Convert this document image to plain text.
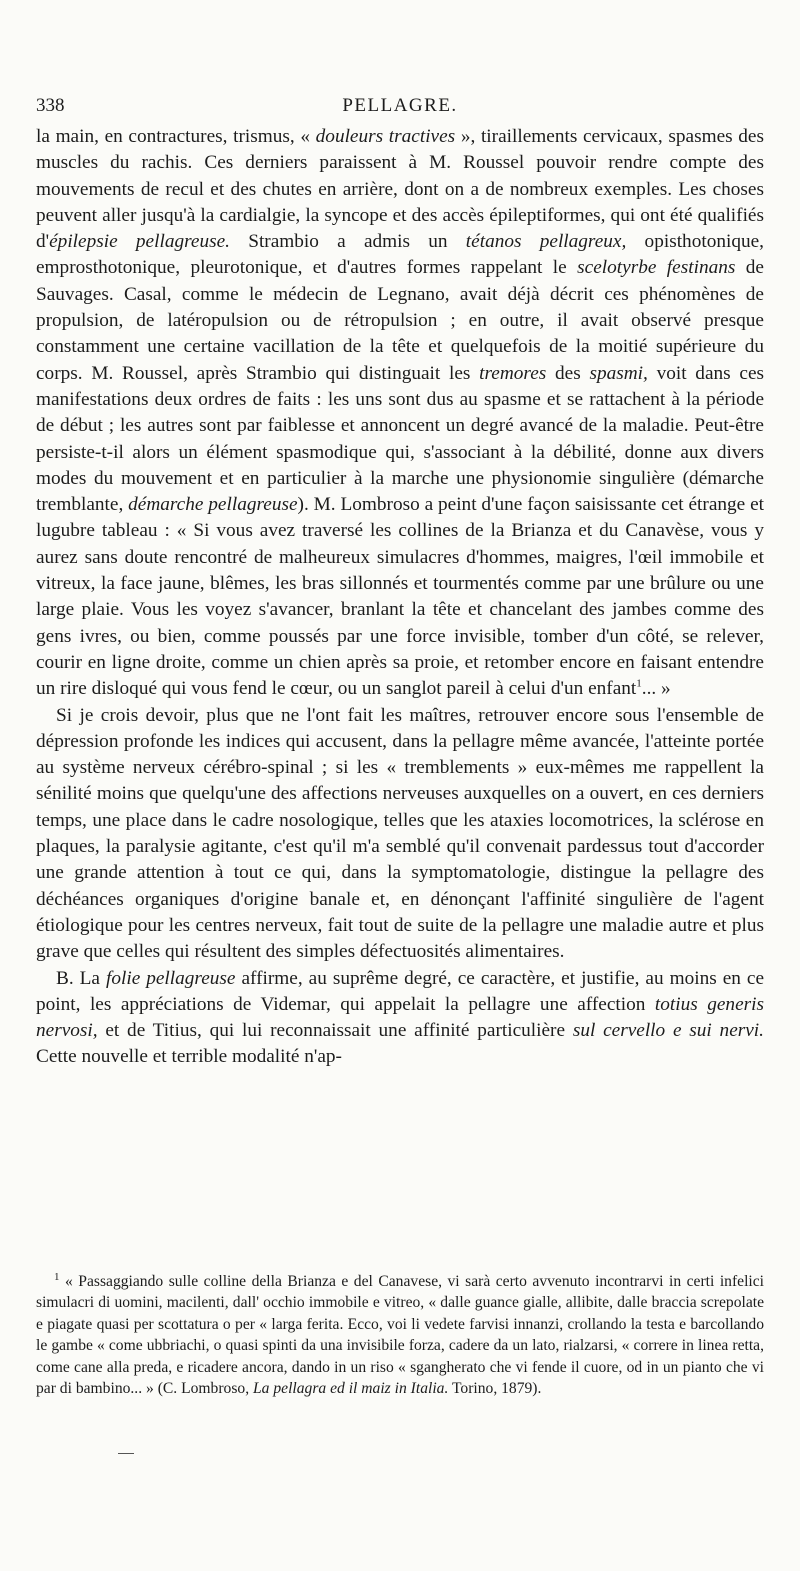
338	PELLAGRE.

la main, en contractures, trismus, « douleurs tractives », tiraillements cervicaux, spasmes des muscles du rachis. Ces derniers paraissent à M. Roussel pouvoir rendre compte des mouvements de recul et des chutes en arrière, dont on a de nombreux exemples. Les choses peuvent aller jusqu'à la cardialgie, la syncope et des accès épileptiformes, qui ont été qualifiés d'épilepsie pellagreuse. Strambio a admis un tétanos pellagreux, opisthotonique, emprosthotonique, pleurotonique, et d'autres formes rappelant le scelotyrbe festinans de Sauvages. Casal, comme le médecin de Legnano, avait déjà décrit ces phénomènes de propulsion, de latéropulsion ou de rétropulsion ; en outre, il avait observé presque constamment une certaine vacillation de la tête et quelquefois de la moitié supérieure du corps. M. Roussel, après Strambio qui distinguait les tremores des spasmi, voit dans ces manifestations deux ordres de faits : les uns sont dus au spasme et se rattachent à la période de début ; les autres sont par faiblesse et annoncent un degré avancé de la maladie. Peut-être persiste-t-il alors un élément spasmodique qui, s'associant à la débilité, donne aux divers modes du mouvement et en particulier à la marche une physionomie singulière (démarche tremblante, démarche pellagreuse). M. Lombroso a peint d'une façon saisissante cet étrange et lugubre tableau : « Si vous avez traversé les collines de la Brianza et du Canavèse, vous y aurez sans doute rencontré de malheureux simulacres d'hommes, maigres, l'œil immobile et vitreux, la face jaune, blêmes, les bras sillonnés et tourmentés comme par une brûlure ou une large plaie. Vous les voyez s'avancer, branlant la tête et chancelant des jambes comme des gens ivres, ou bien, comme poussés par une force invisible, tomber d'un côté, se relever, courir en ligne droite, comme un chien après sa proie, et retomber encore en faisant entendre un rire disloqué qui vous fend le cœur, ou un sanglot pareil à celui d'un enfant$^1$... »

Si je crois devoir, plus que ne l'ont fait les maîtres, retrouver encore sous l'ensemble de dépression profonde les indices qui accusent, dans la pellagre même avancée, l'atteinte portée au système nerveux cérébro-spinal ; si les « tremblements » eux-mêmes me rappellent la sénilité moins que quelqu'une des affections nerveuses auxquelles on a ouvert, en ces derniers temps, une place dans le cadre nosologique, telles que les ataxies locomotrices, la sclérose en plaques, la paralysie agitante, c'est qu'il m'a semblé qu'il convenait pardessus tout d'accorder une grande attention à tout ce qui, dans la symptomatologie, distingue la pellagre des déchéances organiques d'origine banale et, en dénonçant l'affinité singulière de l'agent étiologique pour les centres nerveux, fait tout de suite de la pellagre une maladie autre et plus grave que celles qui résultent des simples défectuosités alimentaires.

B. La folie pellagreuse affirme, au suprême degré, ce caractère, et justifie, au moins en ce point, les appréciations de Videmar, qui appelait la pellagre une affection totius generis nervosi, et de Titius, qui lui reconnaissait une affinité particulière sul cervello e sui nervi. Cette nouvelle et terrible modalité n'ap-

$^1$ « Passaggiando sulle colline della Brianza e del Canavese, vi sarà certo avvenuto incontrarvi in certi infelici simulacri di uomini, macilenti, dall' occhio immobile e vitreo, « dalle guance gialle, allibite, dalle braccia screpolate e piagate quasi per scottatura o per « larga ferita. Ecco, voi li vedete farvisi innanzi, crollando la testa e barcollando le gambe « come ubbriachi, o quasi spinti da una invisibile forza, cadere da un lato, rialzarsi, « correre in linea retta, come cane alla preda, e ricadere ancora, dando in un riso « sgangherato che vi fende il cuore, od in un pianto che vi par di bambino... » (C. Lombroso, La pellagra ed il maiz in Italia. Torino, 1879).
